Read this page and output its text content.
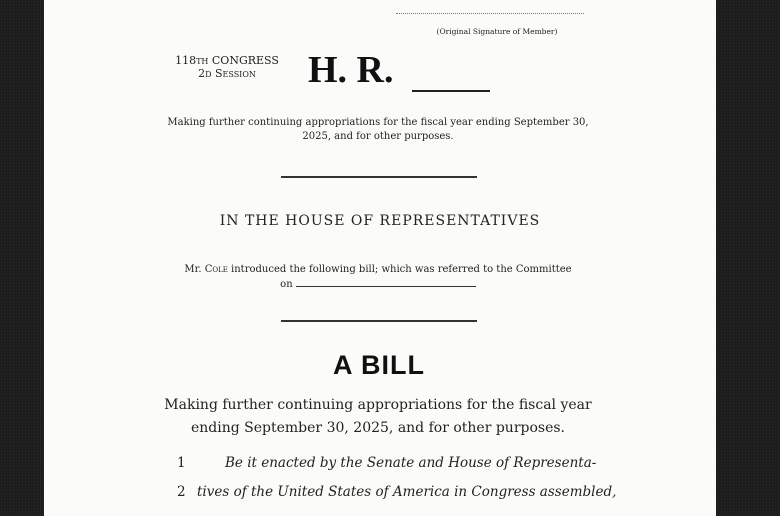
(Original Signature of Member)
118th CONGRESS
2d Session	H. R.
Making further continuing appropriations for the fiscal year ending September 30, 2025, and for other purposes.
IN THE HOUSE OF REPRESENTATIVES
Mr. Cole introduced the following bill; which was referred to the Committee
on
A BILL
Making further continuing appropriations for the fiscal year ending September 30, 2025, and for other purposes.
1	Be it enacted by the Senate and House of Representa-
2 tives of the United States of America in Congress assembled,
